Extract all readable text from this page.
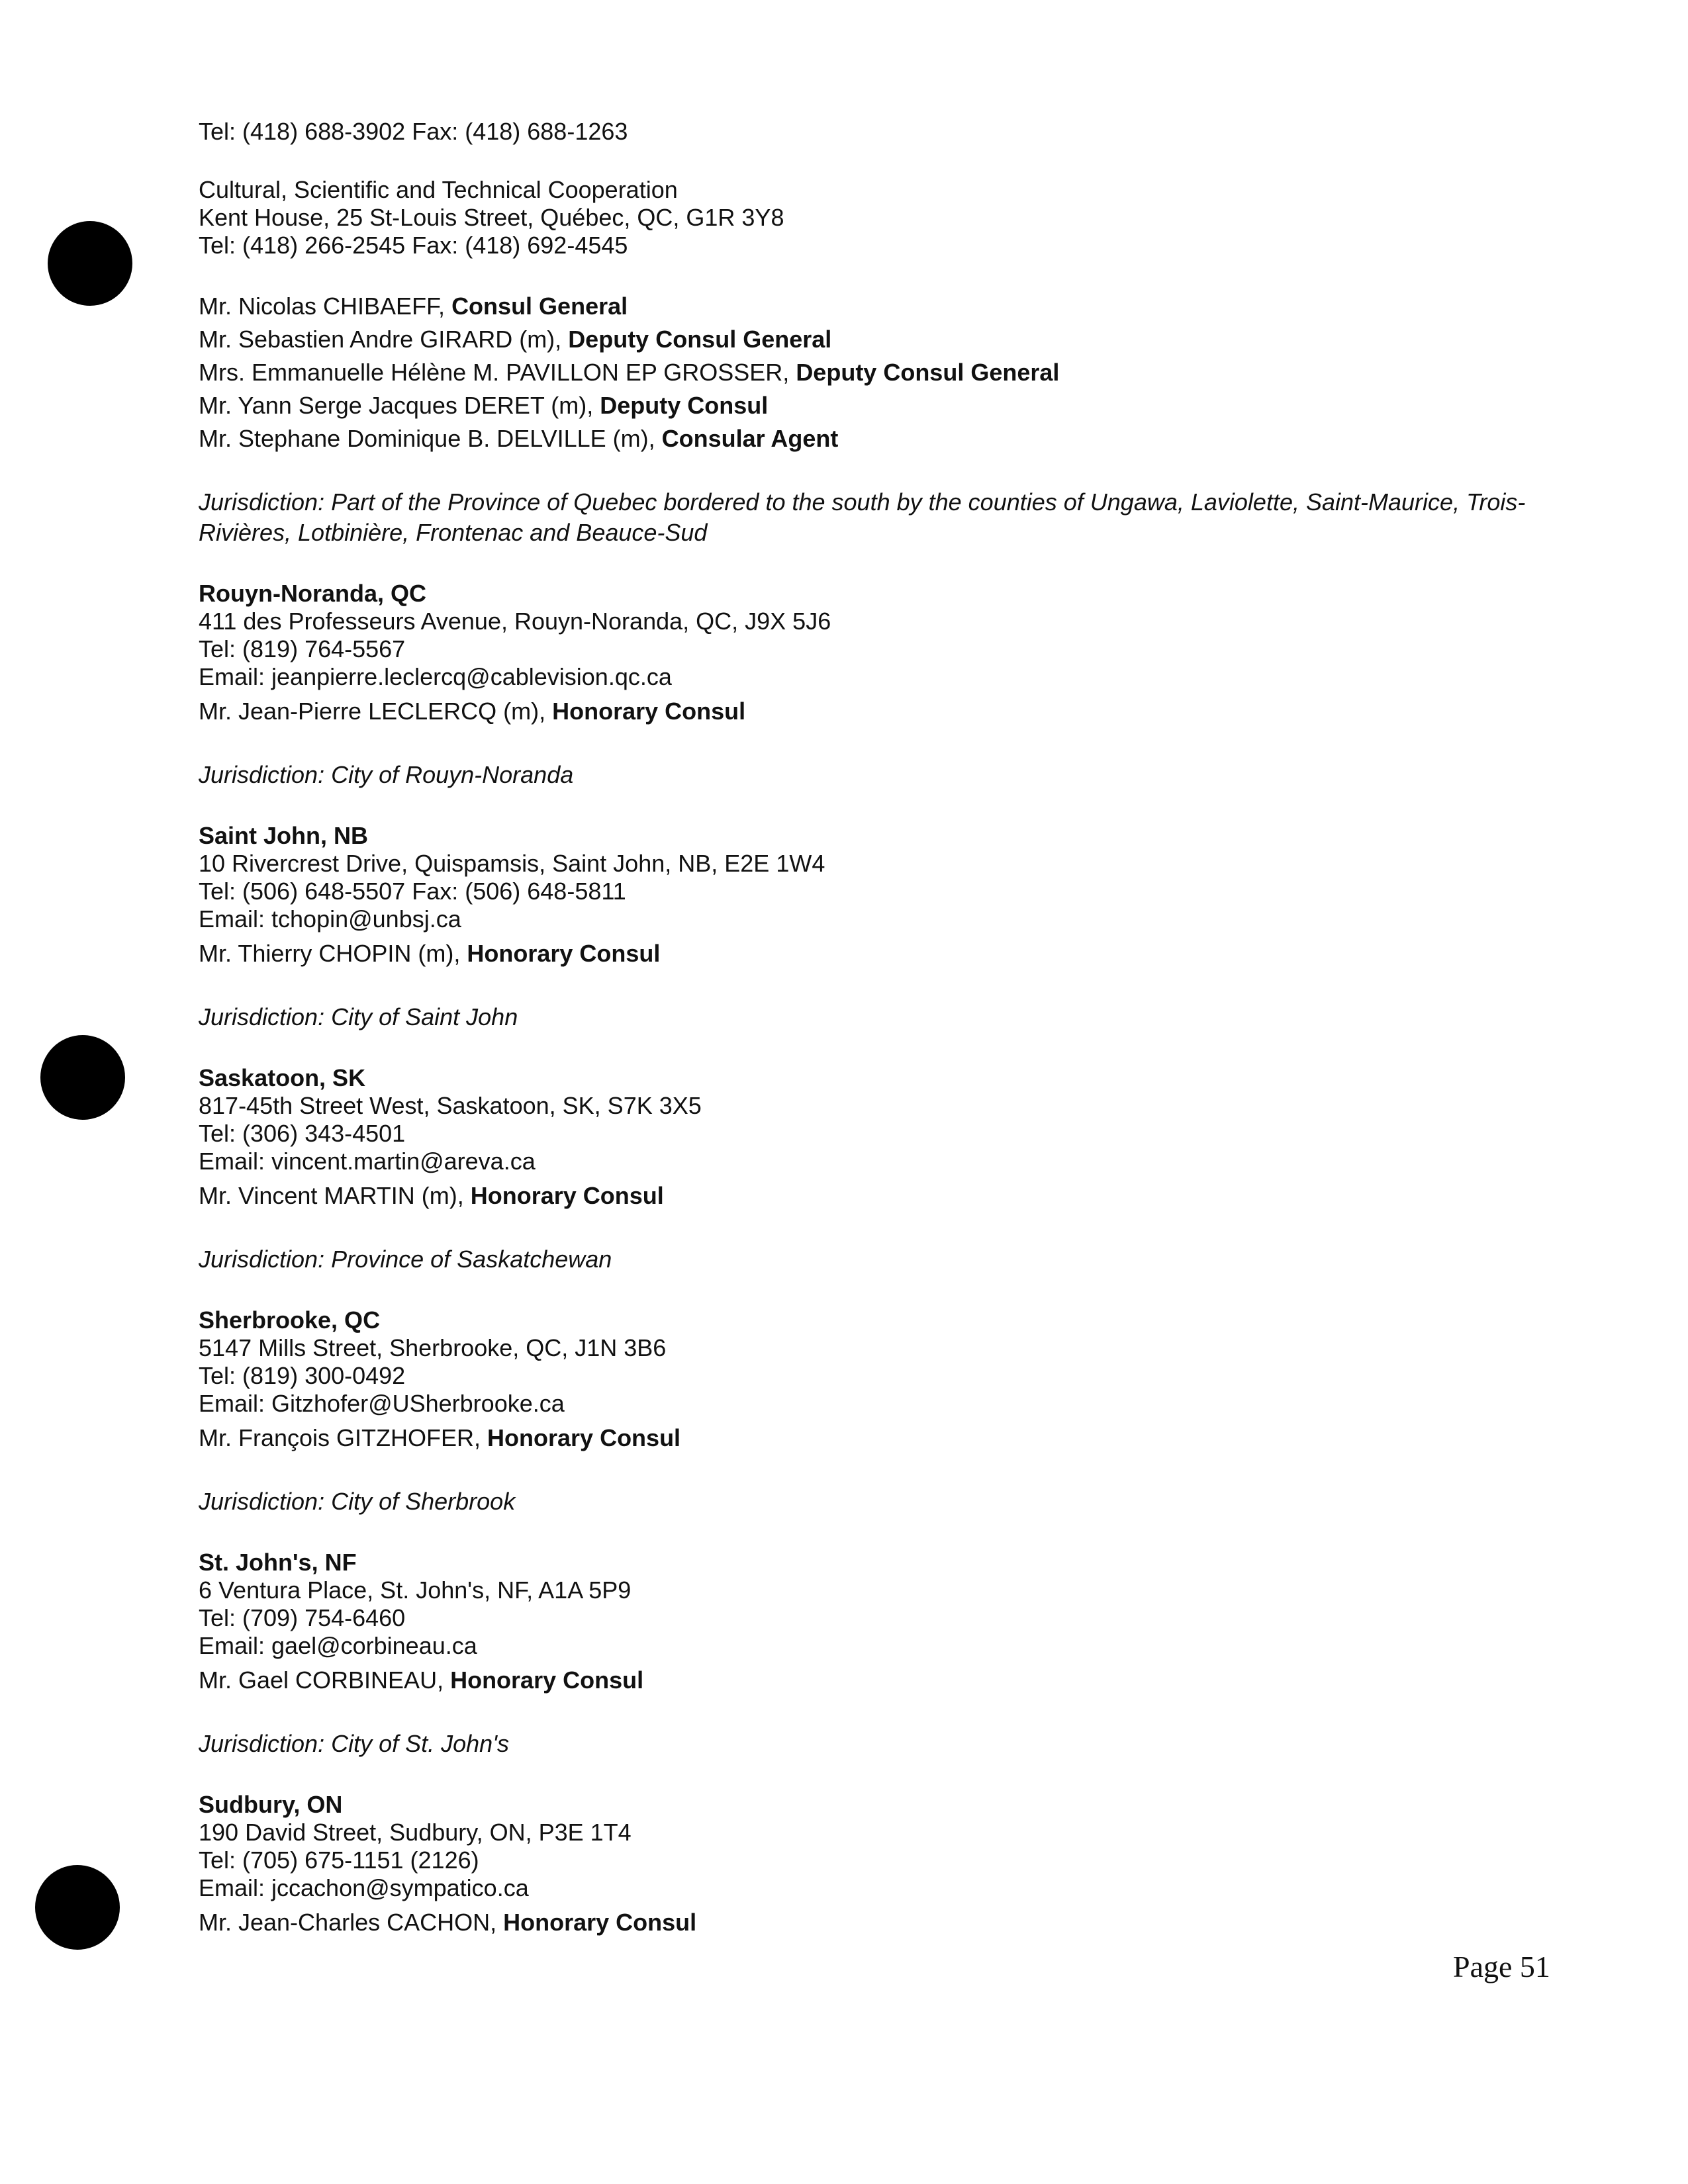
Tel: (418) 688-3902 Fax: (418) 688-1263
Cultural, Scientific and Technical Cooperation
Kent House, 25 St-Louis Street, Québec, QC, G1R 3Y8
Tel: (418) 266-2545 Fax: (418) 692-4545
Mr. Nicolas CHIBAEFF, Consul General
Mr. Sebastien Andre GIRARD (m), Deputy Consul General
Mrs. Emmanuelle Hélène M. PAVILLON EP GROSSER, Deputy Consul General
Mr. Yann Serge Jacques DERET (m), Deputy Consul
Mr. Stephane Dominique B. DELVILLE (m), Consular Agent
Jurisdiction: Part of the Province of Quebec bordered to the south by the counties of Ungawa, Laviolette, Saint-Maurice, Trois-Rivières, Lotbinière, Frontenac and Beauce-Sud
Rouyn-Noranda, QC
411 des Professeurs Avenue, Rouyn-Noranda, QC, J9X 5J6
Tel: (819) 764-5567
Email: jeanpierre.leclercq@cablevision.qc.ca
Mr. Jean-Pierre LECLERCQ (m), Honorary Consul
Jurisdiction: City of Rouyn-Noranda
Saint John, NB
10 Rivercrest Drive, Quispamsis, Saint John, NB, E2E 1W4
Tel: (506) 648-5507 Fax: (506) 648-5811
Email: tchopin@unbsj.ca
Mr. Thierry CHOPIN (m), Honorary Consul
Jurisdiction: City of Saint John
Saskatoon, SK
817-45th Street West, Saskatoon, SK, S7K 3X5
Tel: (306) 343-4501
Email: vincent.martin@areva.ca
Mr. Vincent MARTIN (m), Honorary Consul
Jurisdiction: Province of Saskatchewan
Sherbrooke, QC
5147 Mills Street, Sherbrooke, QC, J1N 3B6
Tel: (819) 300-0492
Email: Gitzhofer@USherbrooke.ca
Mr. François GITZHOFER, Honorary Consul
Jurisdiction: City of Sherbrook
St. John's, NF
6 Ventura Place, St. John's, NF, A1A 5P9
Tel: (709) 754-6460
Email: gael@corbineau.ca
Mr. Gael CORBINEAU, Honorary Consul
Jurisdiction: City of St. John's
Sudbury, ON
190 David Street, Sudbury, ON, P3E 1T4
Tel: (705) 675-1151 (2126)
Email: jccachon@sympatico.ca
Mr. Jean-Charles CACHON, Honorary Consul
Page 51
